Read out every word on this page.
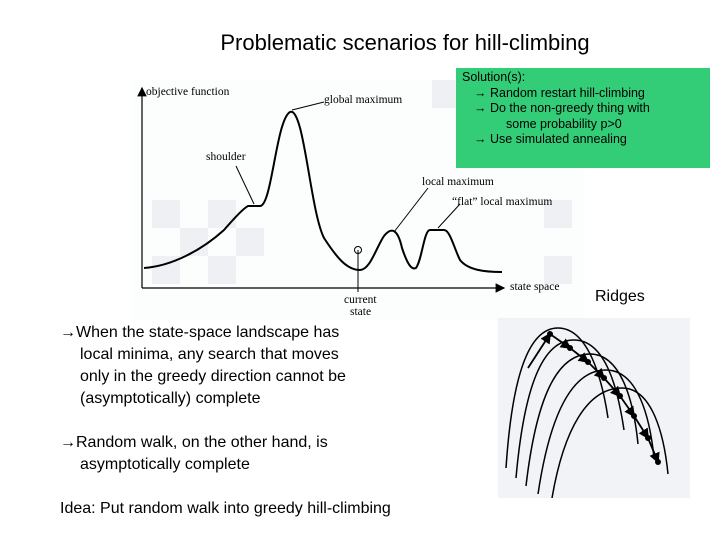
Problematic scenarios for hill-climbing
objective function
global maximum
shoulder
local maximum
“flat” local maximum
state space
current
state
Solution(s):
→ Random restart hill-climbing
→ Do the non-greedy thing with
some probability p>0
→ Use simulated annealing
Ridges
→When the state-space landscape has
local minima, any search that moves
only in the greedy direction cannot be
(asymptotically) complete
→Random walk, on the other hand, is
asymptotically complete
Idea: Put random walk into greedy hill-climbing
